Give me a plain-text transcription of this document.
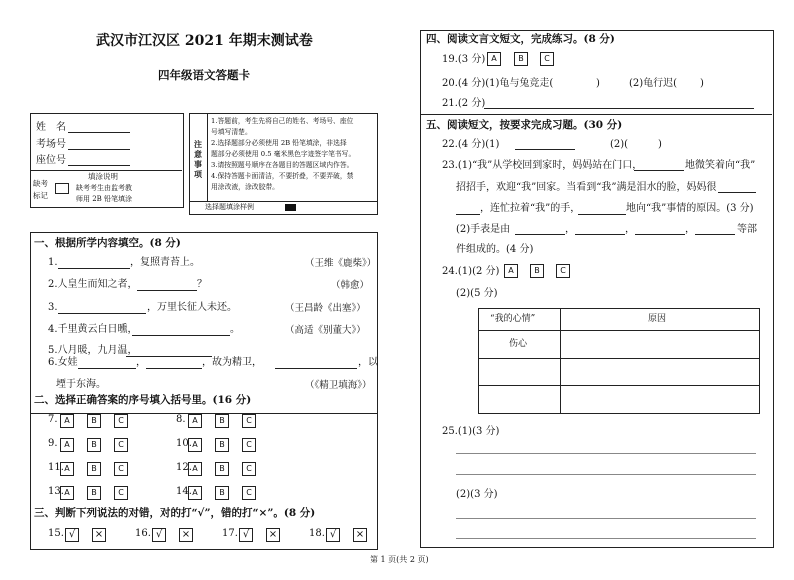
武汉市江汉区 2021 年期末测试卷
四年级语文答题卡
姓　名
考场号
座位号
填涂说明
缺考
标记
缺考考生由监考教
师用 2B 铅笔填涂
注
意
事
项
1.答题前，考生先将自己的姓名、考场号、座位
号填写清楚。
2.选择题部分必须使用 2B 铅笔填涂，非选择
题部分必须使用 0.5 毫米黑色字迹签字笔书写。
3.请按照题号顺序在各题目的答题区域内作答。
4.保持答题卡面清洁，不要折叠，不要弄破，禁
用涂改液，涂改胶带。
选择题填涂样例
一、根据所学内容填空。(8 分)
1.	，复照青苔上。	（王维《鹿柴》）
2.人皇生而知之者，	？	（韩愈）
3.	，万里长征人未还。	（王昌龄《出塞》）
4.千里黄云白日曛，	。	（高适《别董大》）
5.八月暖，九月温，
6.女娃	，	，故为精卫，	，以
堙于东海。	（《精卫填海》）
二、选择正确答案的序号填入括号里。(16 分)
7. A	B	C	8. A	B	C
9. A	B	C	10. A	B	C
11. A	B	C	12. A	B	C
13. A	B	C	14. A	B	C
三、判断下列说法的对错，对的打“√”，错的打“×”。(8 分)
15. √	×	16. √	×	17. √	×	18. √	×
四、阅读文言文短文，完成练习。(8 分)
19.(3 分) A	B	C
20.(4 分)(1)龟与兔竞走(	)	(2)龟行迟( )
21.(2 分)
五、阅读短文，按要求完成习题。(30 分)
22.(4 分)(1)	(2)(	)
23.(1)“我”从学校回到家时，妈妈站在门口，	地微笑着向“我”
招招手，欢迎“我”回家。当看到“我”满是泪水的脸，妈妈很
，连忙拉着“我”的手，	地向“我”事情的原因。(3 分)
(2)手表是由	，	，	，	等部
件组成的。(4 分)
24.(1)(2 分)	A	B	C
(2)(5 分)
“我的心情”	原因
伤心
25.(1)(3 分)
(2)(3 分)
第 1 页(共 2 页)
